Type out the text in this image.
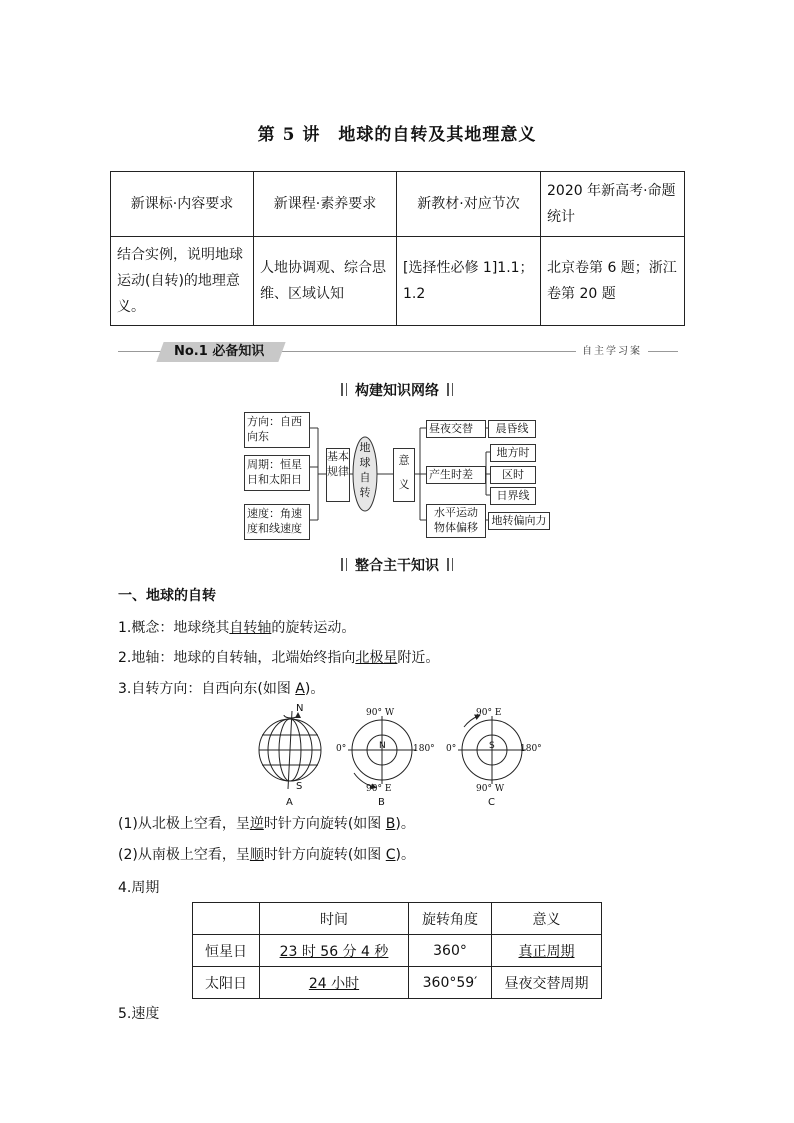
第 5 讲　地球的自转及其地理意义
新课标·内容要求	新课程·素养要求	新教材·对应节次	2020 年新高考·命题统计
结合实例，说明地球运动(自转)的地理意义。	人地协调观、综合思维、区域认知	[选择性必修 1]1.1；1.2	北京卷第 6 题；浙江卷第 20 题
No.1 必备知识	自主学习案
构建知识网络
方向：自西向东
周期：恒星日和太阳日
速度：角速度和线速度
基本规律
地球自转
意义
昼夜交替
产生时差
水平运动物体偏移
晨昏线
地方时
区时
日界线
地转偏向力
整合主干知识
一、地球的自转
1.概念：地球绕其自转轴的旋转运动。
2.地轴：地球的自转轴，北端始终指向北极星附近。
3.自转方向：自西向东(如图 A)。
N
S
A
90° W
90° E
0°	180°
N
B
90° E
90° W
0°	180°
S
C
(1)从北极上空看，呈逆时针方向旋转(如图 B)。
(2)从南极上空看，呈顺时针方向旋转(如图 C)。
4.周期
	时间	旋转角度	意义
恒星日	23 时 56 分 4 秒	360°	真正周期
太阳日	24 小时	360°59′	昼夜交替周期
5.速度
